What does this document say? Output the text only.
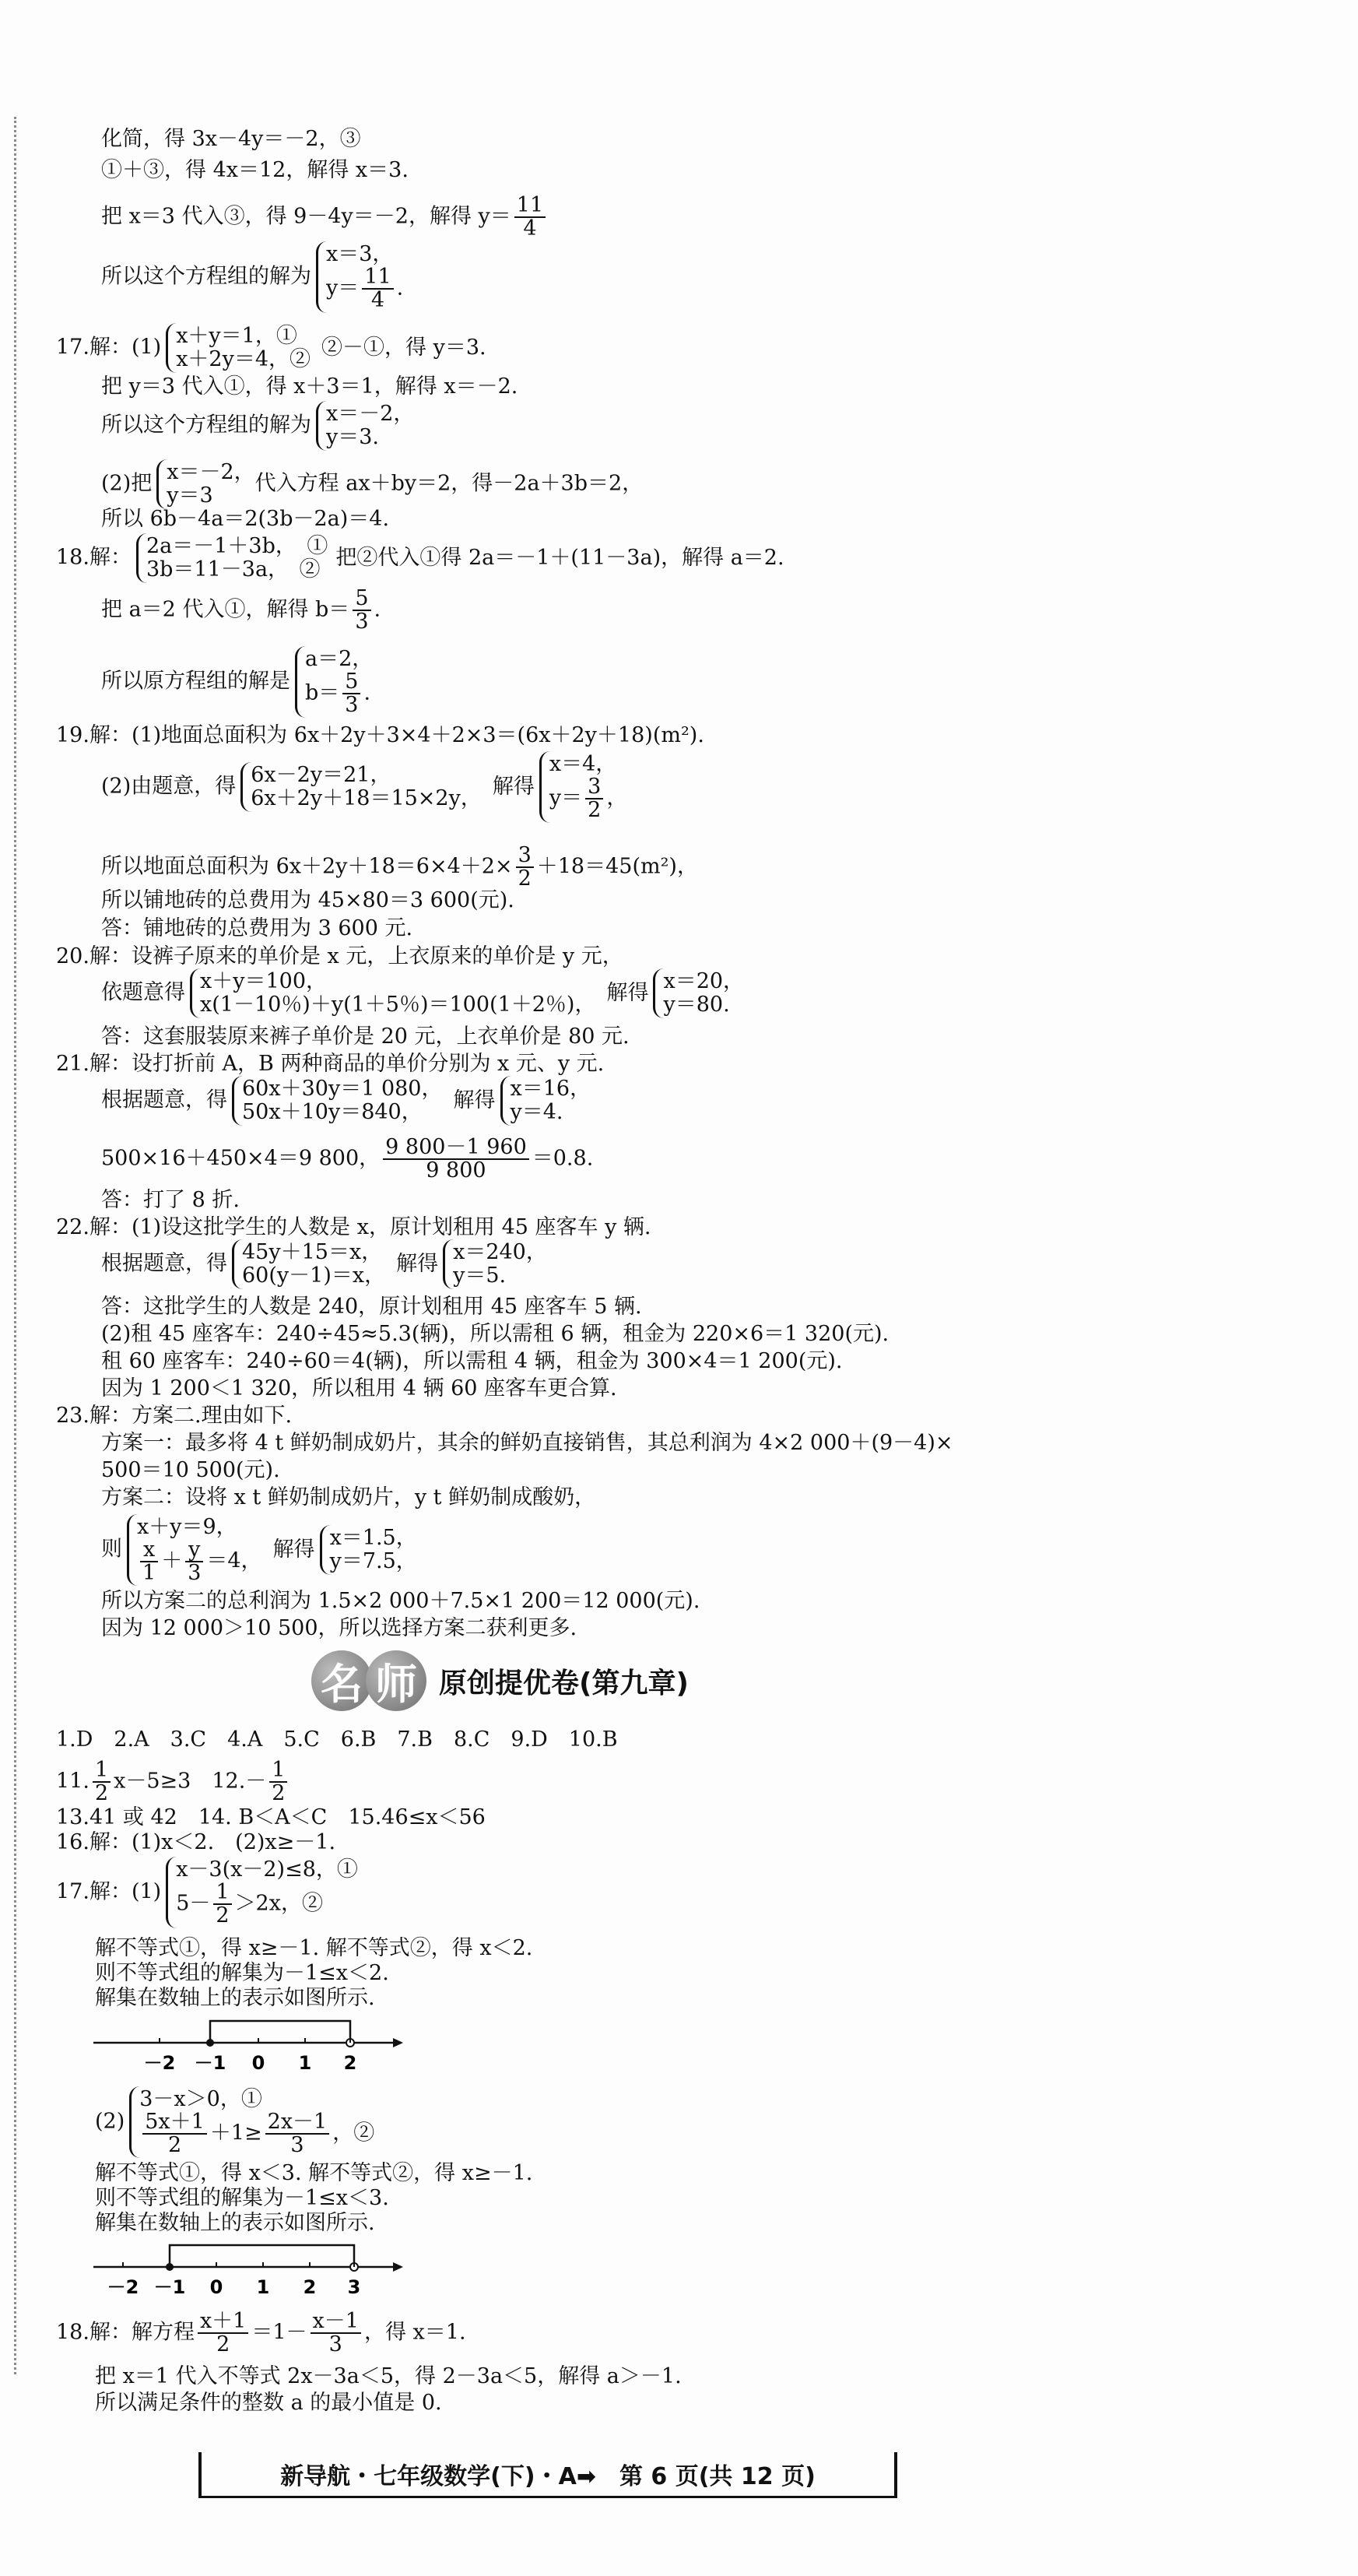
化简，得 3x－4y＝－2，③
①＋③，得 4x＝12，解得 x＝3.
把 x＝3 代入③，得 9－4y＝－2，解得 $y= \frac{11}{4}$
所以这个方程组的解为
x＝3，
$y= \frac{11}{4}$ .
17.解：(1) x＋y＝1，①
x＋2y＝4，② ②－①，得 y＝3.
把 y＝3 代入①，得 x＋3＝1，解得 x＝－2.
所以这个方程组的解为 x＝－2，
y＝3.
(2)把 x＝－2，
y＝3	代入方程 ax＋by＝2，得－2a＋3b＝2，
所以 6b－4a＝2(3b－2a)＝4.
18.解： 2a＝－1＋3b，　①
3b＝11－3a，　② 把②代入①得 2a＝－1＋(11－3a)，解得 a＝2.
把 a＝2 代入①，解得 $b= \frac{5}{3}$ .
所以原方程组的解是
a＝2，
$b= \frac{5}{3}$ .
19.解：(1)地面总面积为 6x＋2y＋3×4＋2×3＝(6x＋2y＋18)(m²).
(2)由题意，得 6x－2y＝21，
6x＋2y＋18＝15×2y， 解得
x＝4，
$y= \frac{3}{2}$ ，
所以地面总面积为 $6x+2y+18=6\times 4+2\times \frac{3}{2} +18=45(m^2)$，
所以铺地砖的总费用为 45×80＝3 600(元).
答：铺地砖的总费用为 3 600 元.
20.解：设裤子原来的单价是 x 元，上衣原来的单价是 y 元，
依题意得 x＋y＝100，
x(1－10％)＋y(1＋5％)＝100(1＋2％)， 解得 x＝20，
y＝80.
答：这套服装原来裤子单价是 20 元，上衣单价是 80 元.
21.解：设打折前 A，B 两种商品的单价分别为 x 元、y 元.
根据题意，得 60x＋30y＝1 080，
50x＋10y＝840，	解得 x＝16，
y＝4.
500×16＋450×4＝9 800， $\frac{9 800-1 960}{9 800} =0.8$.
答：打了 8 折.
22.解：(1)设这批学生的人数是 x，原计划租用 45 座客车 y 辆.
根据题意，得 45y＋15＝x，
60(y－1)＝x， 解得 x＝240，
y＝5.
答：这批学生的人数是 240，原计划租用 45 座客车 5 辆.
(2)租 45 座客车：240÷45≈5.3(辆)，所以需租 6 辆，租金为 220×6＝1 320(元).
租 60 座客车：240÷60＝4(辆)，所以需租 4 辆，租金为 300×4＝1 200(元).
因为 1 200＜1 320，所以租用 4 辆 60 座客车更合算.
23.解：方案二.理由如下.
方案一：最多将 4 t 鲜奶制成奶片，其余的鲜奶直接销售，其总利润为 4×2 000＋(9－4)×
500＝10 500(元).
方案二：设将 x t 鲜奶制成奶片，y t 鲜奶制成酸奶，
则
x＋y＝9，
$\frac{x}{1} + \frac{y}{3} =4$， 解得 x＝1.5，
y＝7.5，
所以方案二的总利润为 1.5×2 000＋7.5×1 200＝12 000(元).
因为 12 000＞10 500，所以选择方案二获利更多.
名 师 原创提优卷(第九章)
1.D　2.A　3.C　4.A　5.C　6.B　7.B　8.C　9.D　10.B
11. $\frac{1}{2} x-5\ge 3$　$12.- \frac{1}{2}$
13.41 或 42　14. B＜A＜C　15.46≤x＜56
16.解：(1)x＜2.　(2)x≥－1.
17.解：(1)
x－3(x－2)≤8，①
$5- \frac{1}{2} >2x$，②
解不等式①，得 x≥－1. 解不等式②，得 x＜2.
则不等式组的解集为－1≤x＜2.
解集在数轴上的表示如图所示.
－2 －1 0 1 2
(2)
3－x＞0，①
$\frac{5x+1}{2} +1\ge \frac{2x-1}{3}$ ，②
解不等式①，得 x＜3. 解不等式②，得 x≥－1.
则不等式组的解集为－1≤x＜3.
解集在数轴上的表示如图所示.
－2 －1 0 1 2 3
18.解：解方程 $\frac{x+1}{2} =1- \frac{x-1}{3}$ ，得 x＝1.
把 x＝1 代入不等式 2x－3a＜5，得 2－3a＜5，解得 a＞－1.
所以满足条件的整数 a 的最小值是 0.
新导航・七年级数学(下)・A➡　第 6 页(共 12 页)
